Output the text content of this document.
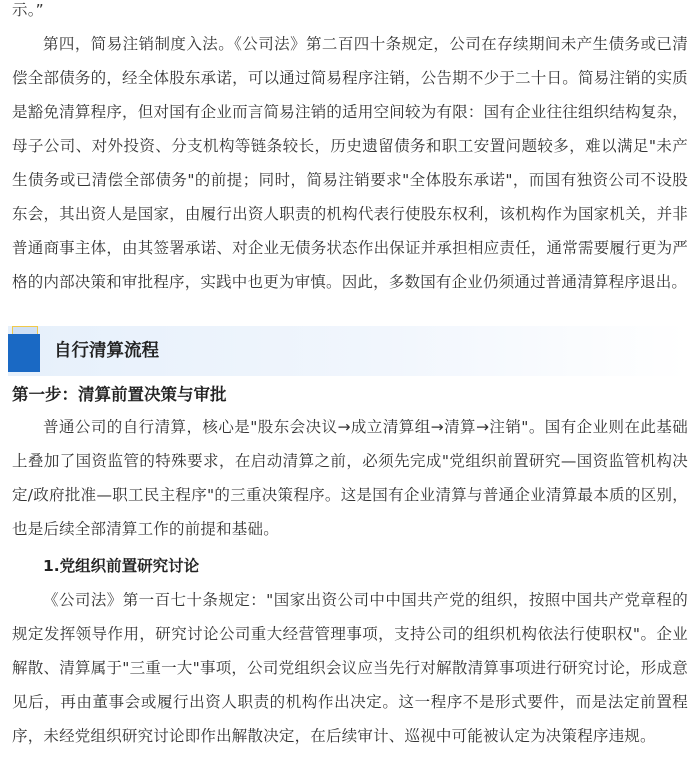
示。”

第四，简易注销制度入法。《公司法》第二百四十条规定，公司在存续期间未产生债务或已清偿全部债务的，经全体股东承诺，可以通过简易程序注销，公告期不少于二十日。简易注销的实质是豁免清算程序，但对国有企业而言简易注销的适用空间较为有限：国有企业往往组织结构复杂，母子公司、对外投资、分支机构等链条较长，历史遗留债务和职工安置问题较多，难以满足"未产生债务或已清偿全部债务"的前提；同时，简易注销要求"全体股东承诺"，而国有独资公司不设股东会，其出资人是国家，由履行出资人职责的机构代表行使股东权利，该机构作为国家机关，并非普通商事主体，由其签署承诺、对企业无债务状态作出保证并承担相应责任，通常需要履行更为严格的内部决策和审批程序，实践中也更为审慎。因此，多数国有企业仍须通过普通清算程序退出。

自行清算流程
第一步：清算前置决策与审批

普通公司的自行清算，核心是"股东会决议→成立清算组→清算→注销"。国有企业则在此基础上叠加了国资监管的特殊要求，在启动清算之前，必须先完成"党组织前置研究—国资监管机构决定/政府批准—职工民主程序"的三重决策程序。这是国有企业清算与普通企业清算最本质的区别，也是后续全部清算工作的前提和基础。

1.党组织前置研究讨论

《公司法》第一百七十条规定："国家出资公司中中国共产党的组织，按照中国共产党章程的规定发挥领导作用，研究讨论公司重大经营管理事项，支持公司的组织机构依法行使职权"。企业解散、清算属于"三重一大"事项，公司党组织会议应当先行对解散清算事项进行研究讨论，形成意见后，再由董事会或履行出资人职责的机构作出决定。这一程序不是形式要件，而是法定前置程序，未经党组织研究讨论即作出解散决定，在后续审计、巡视中可能被认定为决策程序违规。
